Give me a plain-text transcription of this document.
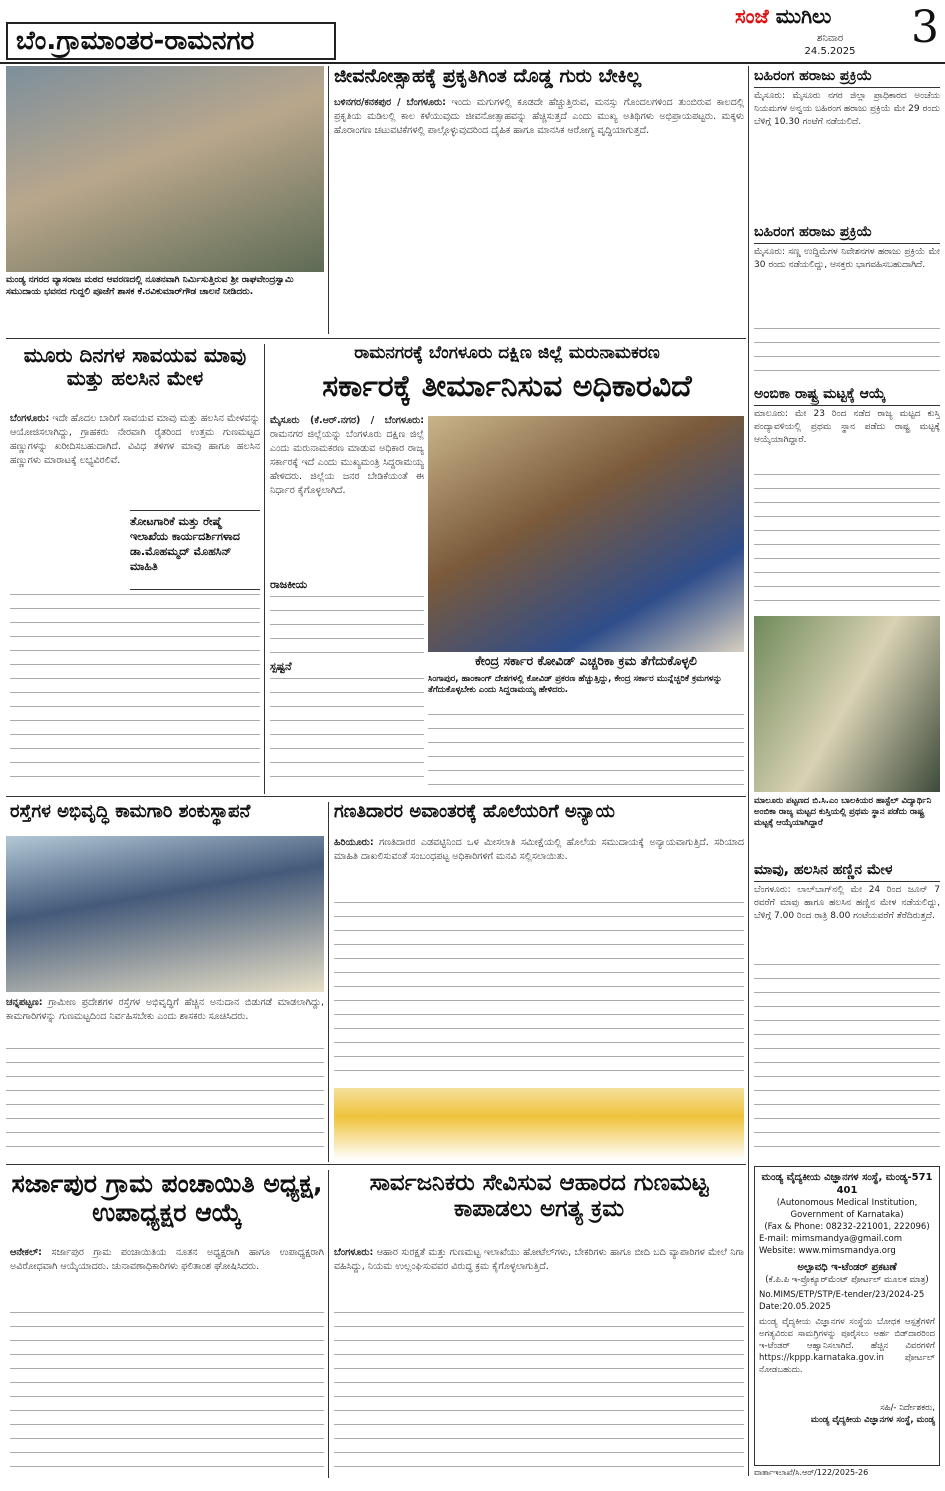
ಬೆಂ.ಗ್ರಾಮಾಂತರ-ರಾಮನಗರ
ಸಂಜೆ ಮುಗಿಲು
ಶನಿವಾರ
24.5.2025	3
ಮಂಡ್ಯ ನಗರದ ವ್ಯಾಸರಾಜ ಮಠದ ಆವರಣದಲ್ಲಿ ನೂತನವಾಗಿ ನಿರ್ಮಿಸುತ್ತಿರುವ ಶ್ರೀ ರಾಘವೇಂದ್ರಸ್ವಾಮಿ ಸಮುದಾಯ ಭವನದ ಗುದ್ದಲಿ ಪೂಜೆಗೆ ಶಾಸಕ ಕೆ.ರವಿಕುಮಾರ್‌ಗೌಡ ಚಾಲನೆ ನೀಡಿದರು.
ಜೀವನೋತ್ಸಾಹಕ್ಕೆ ಪ್ರಕೃತಿಗಿಂತ ದೊಡ್ಡ ಗುರು ಬೇಕಿಲ್ಲ
ಬಳಿನಗರ/ಕನಕಪುರ / ಬೆಂಗಳೂರು: ಇಂದು ಮಗುಗಳಲ್ಲಿ ಕೂಡದೇ ಹೆಚ್ಚುತ್ತಿರುವ, ಮನಸ್ಸು ಗೊಂದಲಗಳಿಂದ ತುಂಬಿರುವ ಕಾಲದಲ್ಲಿ ಪ್ರಕೃತಿಯ ಮಡಿಲಲ್ಲಿ ಕಾಲ ಕಳೆಯುವುದು ಜೀವನೋತ್ಸಾಹವನ್ನು ಹೆಚ್ಚಿಸುತ್ತದೆ ಎಂದು ಮುಖ್ಯ ಅತಿಥಿಗಳು ಅಭಿಪ್ರಾಯಪಟ್ಟರು. ಮಕ್ಕಳು ಹೊರಾಂಗಣ ಚಟುವಟಿಕೆಗಳಲ್ಲಿ ಪಾಲ್ಗೊಳ್ಳುವುದರಿಂದ ದೈಹಿಕ ಹಾಗೂ ಮಾನಸಿಕ ಆರೋಗ್ಯ ವೃದ್ಧಿಯಾಗುತ್ತದೆ.
ಮೂರು ದಿನಗಳ ಸಾವಯವ ಮಾವು ಮತ್ತು ಹಲಸಿನ ಮೇಳ
ಬೆಂಗಳೂರು: ಇದೇ ಹೊದಲ ಬಾರಿಗೆ ಸಾವಯವ ಮಾವು ಮತ್ತು ಹಲಸಿನ ಮೇಳವನ್ನು ಆಯೋಜಿಸಲಾಗಿದ್ದು, ಗ್ರಾಹಕರು ನೇರವಾಗಿ ರೈತರಿಂದ ಉತ್ತಮ ಗುಣಮಟ್ಟದ ಹಣ್ಣುಗಳನ್ನು ಖರೀದಿಸಬಹುದಾಗಿದೆ. ವಿವಿಧ ತಳಿಗಳ ಮಾವು ಹಾಗೂ ಹಲಸಿನ ಹಣ್ಣುಗಳು ಮಾರಾಟಕ್ಕೆ ಲಭ್ಯವಿರಲಿವೆ.
ತೋಟಗಾರಿಕೆ ಮತ್ತು ರೇಷ್ಮೆ ಇಲಾಖೆಯ ಕಾರ್ಯದರ್ಶಿಗಳಾದ ಡಾ.ಮೊಹಮ್ಮದ್ ಮೊಹಸಿನ್ ಮಾಹಿತಿ
ರಾಮನಗರಕ್ಕೆ ಬೆಂಗಳೂರು ದಕ್ಷಿಣ ಜಿಲ್ಲೆ ಮರುನಾಮಕರಣ
ಸರ್ಕಾರಕ್ಕೆ ತೀರ್ಮಾನಿಸುವ ಅಧಿಕಾರವಿದೆ
ಮೈಸೂರು (ಕೆ.ಆರ್.ನಗರ) / ಬೆಂಗಳೂರು: ರಾಮನಗರ ಜಿಲ್ಲೆಯನ್ನು ಬೆಂಗಳೂರು ದಕ್ಷಿಣ ಜಿಲ್ಲೆ ಎಂದು ಮರುನಾಮಕರಣ ಮಾಡುವ ಅಧಿಕಾರ ರಾಜ್ಯ ಸರ್ಕಾರಕ್ಕೆ ಇದೆ ಎಂದು ಮುಖ್ಯಮಂತ್ರಿ ಸಿದ್ದರಾಮಯ್ಯ ಹೇಳಿದರು. ಜಿಲ್ಲೆಯ ಜನರ ಬೇಡಿಕೆಯಂತೆ ಈ ನಿರ್ಧಾರ ಕೈಗೊಳ್ಳಲಾಗಿದೆ.
ರಾಜಕೀಯ
ಸ್ಪಷ್ಟನೆ	ಕೇಂದ್ರ ಸರ್ಕಾರ ಕೋವಿಡ್ ಎಚ್ಚರಿಕಾ ಕ್ರಮ ತೆಗೆದುಕೊಳ್ಳಲಿ
ಸಿಂಗಾಪುರ, ಹಾಂಕಾಂಗ್ ದೇಶಗಳಲ್ಲಿ ಕೋವಿಡ್ ಪ್ರಕರಣ ಹೆಚ್ಚುತ್ತಿದ್ದು, ಕೇಂದ್ರ ಸರ್ಕಾರ ಮುನ್ನೆಚ್ಚರಿಕೆ ಕ್ರಮಗಳನ್ನು ತೆಗೆದುಕೊಳ್ಳಬೇಕು ಎಂದು ಸಿದ್ದರಾಮಯ್ಯ ಹೇಳಿದರು.
ರಸ್ತೆಗಳ ಅಭಿವೃದ್ಧಿ ಕಾಮಗಾರಿ ಶಂಕುಸ್ಥಾಪನೆ
ಚನ್ನಪಟ್ಟಣ: ಗ್ರಾಮೀಣ ಪ್ರದೇಶಗಳ ರಸ್ತೆಗಳ ಅಭಿವೃದ್ಧಿಗೆ ಹೆಚ್ಚಿನ ಅನುದಾನ ಬಿಡುಗಡೆ ಮಾಡಲಾಗಿದ್ದು, ಕಾಮಗಾರಿಗಳನ್ನು ಗುಣಮಟ್ಟದಿಂದ ನಿರ್ವಹಿಸಬೇಕು ಎಂದು ಶಾಸಕರು ಸೂಚಿಸಿದರು.
ಗಣತಿದಾರರ ಅವಾಂತರಕ್ಕೆ ಹೊಲೆಯರಿಗೆ ಅನ್ಯಾಯ
ಹಿರಿಯೂರು: ಗಣತಿದಾರರ ಎಡವಟ್ಟಿನಿಂದ ಒಳ ಮೀಸಲಾತಿ ಸಮೀಕ್ಷೆಯಲ್ಲಿ ಹೊಲೆಯ ಸಮುದಾಯಕ್ಕೆ ಅನ್ಯಾಯವಾಗುತ್ತಿದೆ. ಸರಿಯಾದ ಮಾಹಿತಿ ದಾಖಲಿಸುವಂತೆ ಸಂಬಂಧಪಟ್ಟ ಅಧಿಕಾರಿಗಳಿಗೆ ಮನವಿ ಸಲ್ಲಿಸಲಾಯಿತು.
ಸರ್ಜಾಪುರ ಗ್ರಾಮ ಪಂಚಾಯಿತಿ ಅಧ್ಯಕ್ಷ, ಉಪಾಧ್ಯಕ್ಷರ ಆಯ್ಕೆ
ಆನೇಕಲ್: ಸರ್ಜಾಪುರ ಗ್ರಾಮ ಪಂಚಾಯಿತಿಯ ನೂತನ ಅಧ್ಯಕ್ಷರಾಗಿ ಹಾಗೂ ಉಪಾಧ್ಯಕ್ಷರಾಗಿ ಅವಿರೋಧವಾಗಿ ಆಯ್ಕೆಯಾದರು. ಚುನಾವಣಾಧಿಕಾರಿಗಳು ಫಲಿತಾಂಶ ಘೋಷಿಸಿದರು.
ಸಾರ್ವಜನಿಕರು ಸೇವಿಸುವ ಆಹಾರದ ಗುಣಮಟ್ಟ ಕಾಪಾಡಲು ಅಗತ್ಯ ಕ್ರಮ
ಬೆಂಗಳೂರು: ಆಹಾರ ಸುರಕ್ಷತೆ ಮತ್ತು ಗುಣಮಟ್ಟ ಇಲಾಖೆಯು ಹೋಟೆಲ್‌ಗಳು, ಬೇಕರಿಗಳು ಹಾಗೂ ಬೀದಿ ಬದಿ ವ್ಯಾಪಾರಿಗಳ ಮೇಲೆ ನಿಗಾ ವಹಿಸಿದ್ದು, ನಿಯಮ ಉಲ್ಲಂಘಿಸುವವರ ವಿರುದ್ಧ ಕ್ರಮ ಕೈಗೊಳ್ಳಲಾಗುತ್ತಿದೆ.
ಬಹಿರಂಗ ಹರಾಜು ಪ್ರಕ್ರಿಯೆ
ಮೈಸೂರು: ಮೈಸೂರು ನಗರ ಜಿಲ್ಲಾ ಪ್ರಾಧಿಕಾರದ ಅಂಚೆಯ ನಿಯಮಗಳ ಅನ್ವಯ ಬಹಿರಂಗ ಹರಾಜು ಪ್ರಕ್ರಿಯೆ ಮೇ 29 ರಂದು ಬೆಳಿಗ್ಗೆ 10.30 ಗಂಟೆಗೆ ನಡೆಯಲಿದೆ.
ಬಹಿರಂಗ ಹರಾಜು ಪ್ರಕ್ರಿಯೆ
ಮೈಸೂರು: ಸಣ್ಣ ಉದ್ದಿಮೆಗಳ ನಿವೇಶನಗಳ ಹರಾಜು ಪ್ರಕ್ರಿಯೆ ಮೇ 30 ರಂದು ನಡೆಯಲಿದ್ದು, ಆಸಕ್ತರು ಭಾಗವಹಿಸಬಹುದಾಗಿದೆ.
ಅಂಬಿಕಾ ರಾಷ್ಟ್ರ ಮಟ್ಟಕ್ಕೆ ಆಯ್ಕೆ
ಮಾಲೂರು: ಮೇ 23 ರಿಂದ ನಡೆದ ರಾಜ್ಯ ಮಟ್ಟದ ಕುಸ್ತಿ ಪಂದ್ಯಾವಳಿಯಲ್ಲಿ ಪ್ರಥಮ ಸ್ಥಾನ ಪಡೆದು ರಾಷ್ಟ್ರ ಮಟ್ಟಕ್ಕೆ ಆಯ್ಕೆಯಾಗಿದ್ದಾರೆ.
ಮಾಲೂರು ಪಟ್ಟಣದ ಬಿ.ಸಿ.ಎಂ ಬಾಲಕಿಯರ ಹಾಸ್ಟೆಲ್ ವಿದ್ಯಾರ್ಥಿನಿ ಅಂಬಿಕಾ ರಾಜ್ಯ ಮಟ್ಟದ ಕುಸ್ತಿಯಲ್ಲಿ ಪ್ರಥಮ ಸ್ಥಾನ ಪಡೆದು ರಾಷ್ಟ್ರ ಮಟ್ಟಕ್ಕೆ ಆಯ್ಕೆಯಾಗಿದ್ದಾರೆ
ಮಾವು, ಹಲಸಿನ ಹಣ್ಣಿನ ಮೇಳ
ಬೆಂಗಳೂರು: ಲಾಲ್‌ಬಾಗ್‌ನಲ್ಲಿ ಮೇ 24 ರಿಂದ ಜೂನ್ 7 ರವರೆಗೆ ಮಾವು ಹಾಗೂ ಹಲಸಿನ ಹಣ್ಣಿನ ಮೇಳ ನಡೆಯಲಿದ್ದು, ಬೆಳಿಗ್ಗೆ 7.00 ರಿಂದ ರಾತ್ರಿ 8.00 ಗಂಟೆಯವರೆಗೆ ತೆರೆದಿರುತ್ತದೆ.
ಮಂಡ್ಯ ವೈದ್ಯಕೀಯ ವಿಜ್ಞಾನಗಳ ಸಂಸ್ಥೆ, ಮಂಡ್ಯ-571 401
(Autonomous Medical Institution, Government of Karnataka)
(Fax & Phone: 08232-221001, 222096)
E-mail: mimsmandya@gmail.com
Website: www.mimsmandya.org
ಅಲ್ಪಾವಧಿ ಇ-ಟೆಂಡರ್ ಪ್ರಕಟಣೆ
(ಕೆ.ಪಿ.ಪಿ ಇ-ಪ್ರೊಕ್ಯೂರ್‌ಮೆಂಟ್ ಪೋರ್ಟಲ್ ಮೂಲಕ ಮಾತ್ರ)
No.MIMS/ETP/STP/E-tender/23/2024-25 Date:20.05.2025
ಮಂಡ್ಯ ವೈದ್ಯಕೀಯ ವಿಜ್ಞಾನಗಳ ಸಂಸ್ಥೆಯ ಬೋಧಕ ಆಸ್ಪತ್ರೆಗಳಿಗೆ ಅಗತ್ಯವಿರುವ ಸಾಮಗ್ರಿಗಳನ್ನು ಪೂರೈಸಲು ಅರ್ಹ ಬಿಡ್‌ದಾರರಿಂದ ಇ-ಟೆಂಡರ್ ಆಹ್ವಾನಿಸಲಾಗಿದೆ. ಹೆಚ್ಚಿನ ವಿವರಗಳಿಗೆ https://kppp.karnataka.gov.in ಪೋರ್ಟಲ್ ನೋಡಬಹುದು.
ಸಹಿ/- ನಿರ್ದೇಶಕರು,
ಮಂಡ್ಯ ವೈದ್ಯಕೀಯ ವಿಜ್ಞಾನಗಳ ಸಂಸ್ಥೆ, ಮಂಡ್ಯ
ವಾರ್ತಾಇಲಾಖೆ/ಸಿ.ಆರ್/122/2025-26
